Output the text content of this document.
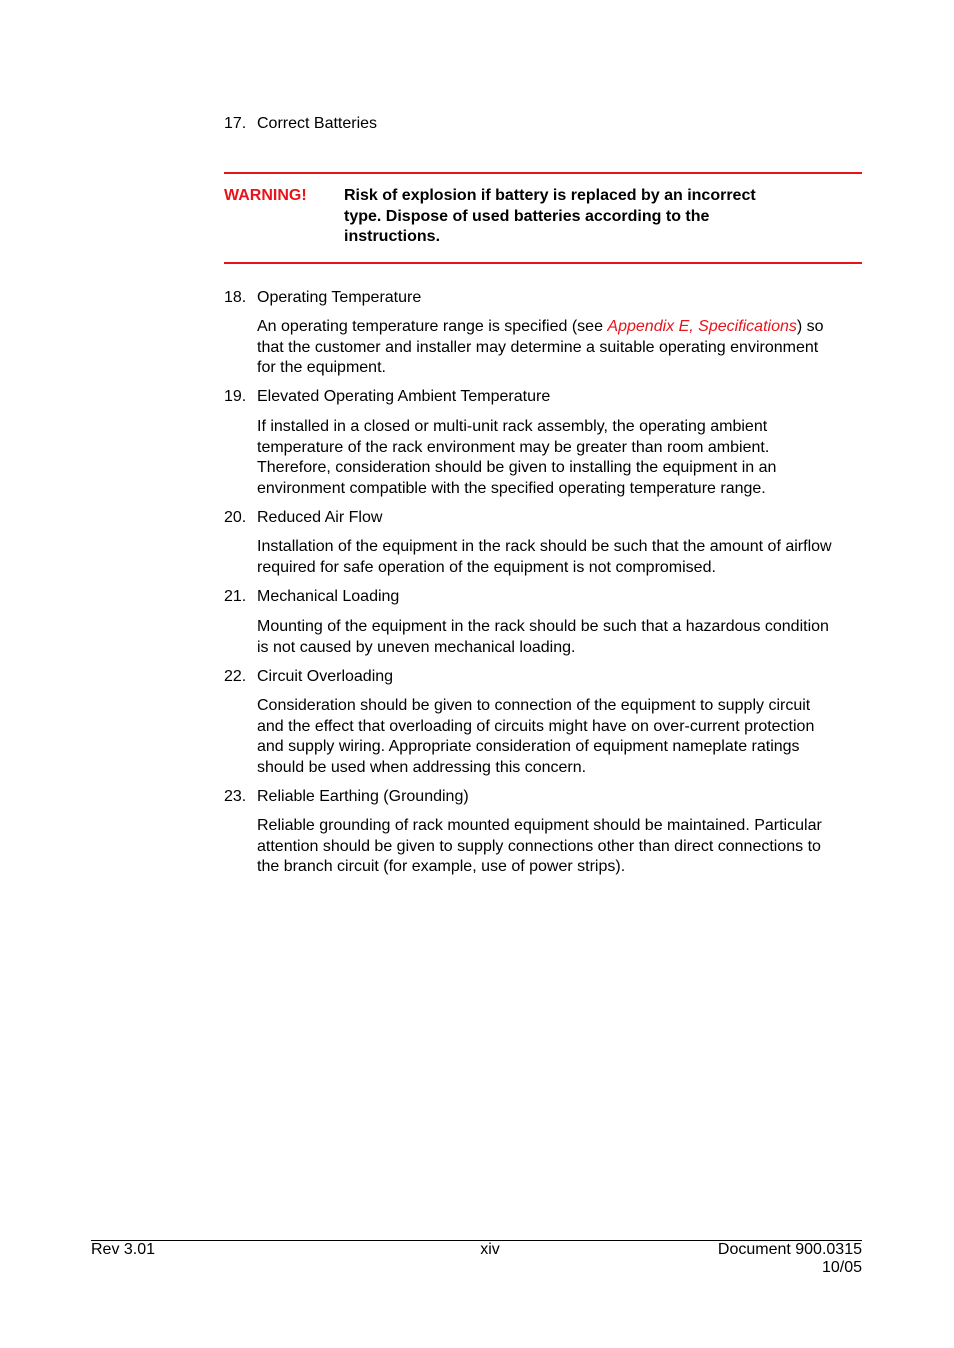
17. Correct Batteries
WARNING! Risk of explosion if battery is replaced by an incorrect
type. Dispose of used batteries according to the
instructions.
18. Operating Temperature
An operating temperature range is specified (see Appendix E, Specifications) so
that the customer and installer may determine a suitable operating environment
for the equipment.
19. Elevated Operating Ambient Temperature
If installed in a closed or multi-unit rack assembly, the operating ambient
temperature of the rack environment may be greater than room ambient.
Therefore, consideration should be given to installing the equipment in an
environment compatible with the specified operating temperature range.
20. Reduced Air Flow
Installation of the equipment in the rack should be such that the amount of airflow
required for safe operation of the equipment is not compromised.
21. Mechanical Loading
Mounting of the equipment in the rack should be such that a hazardous condition
is not caused by uneven mechanical loading.
22. Circuit Overloading
Consideration should be given to connection of the equipment to supply circuit
and the effect that overloading of circuits might have on over-current protection
and supply wiring. Appropriate consideration of equipment nameplate ratings
should be used when addressing this concern.
23. Reliable Earthing (Grounding)
Reliable grounding of rack mounted equipment should be maintained. Particular
attention should be given to supply connections other than direct connections to
the branch circuit (for example, use of power strips).
Rev 3.01	xiv	Document 900.0315
10/05
